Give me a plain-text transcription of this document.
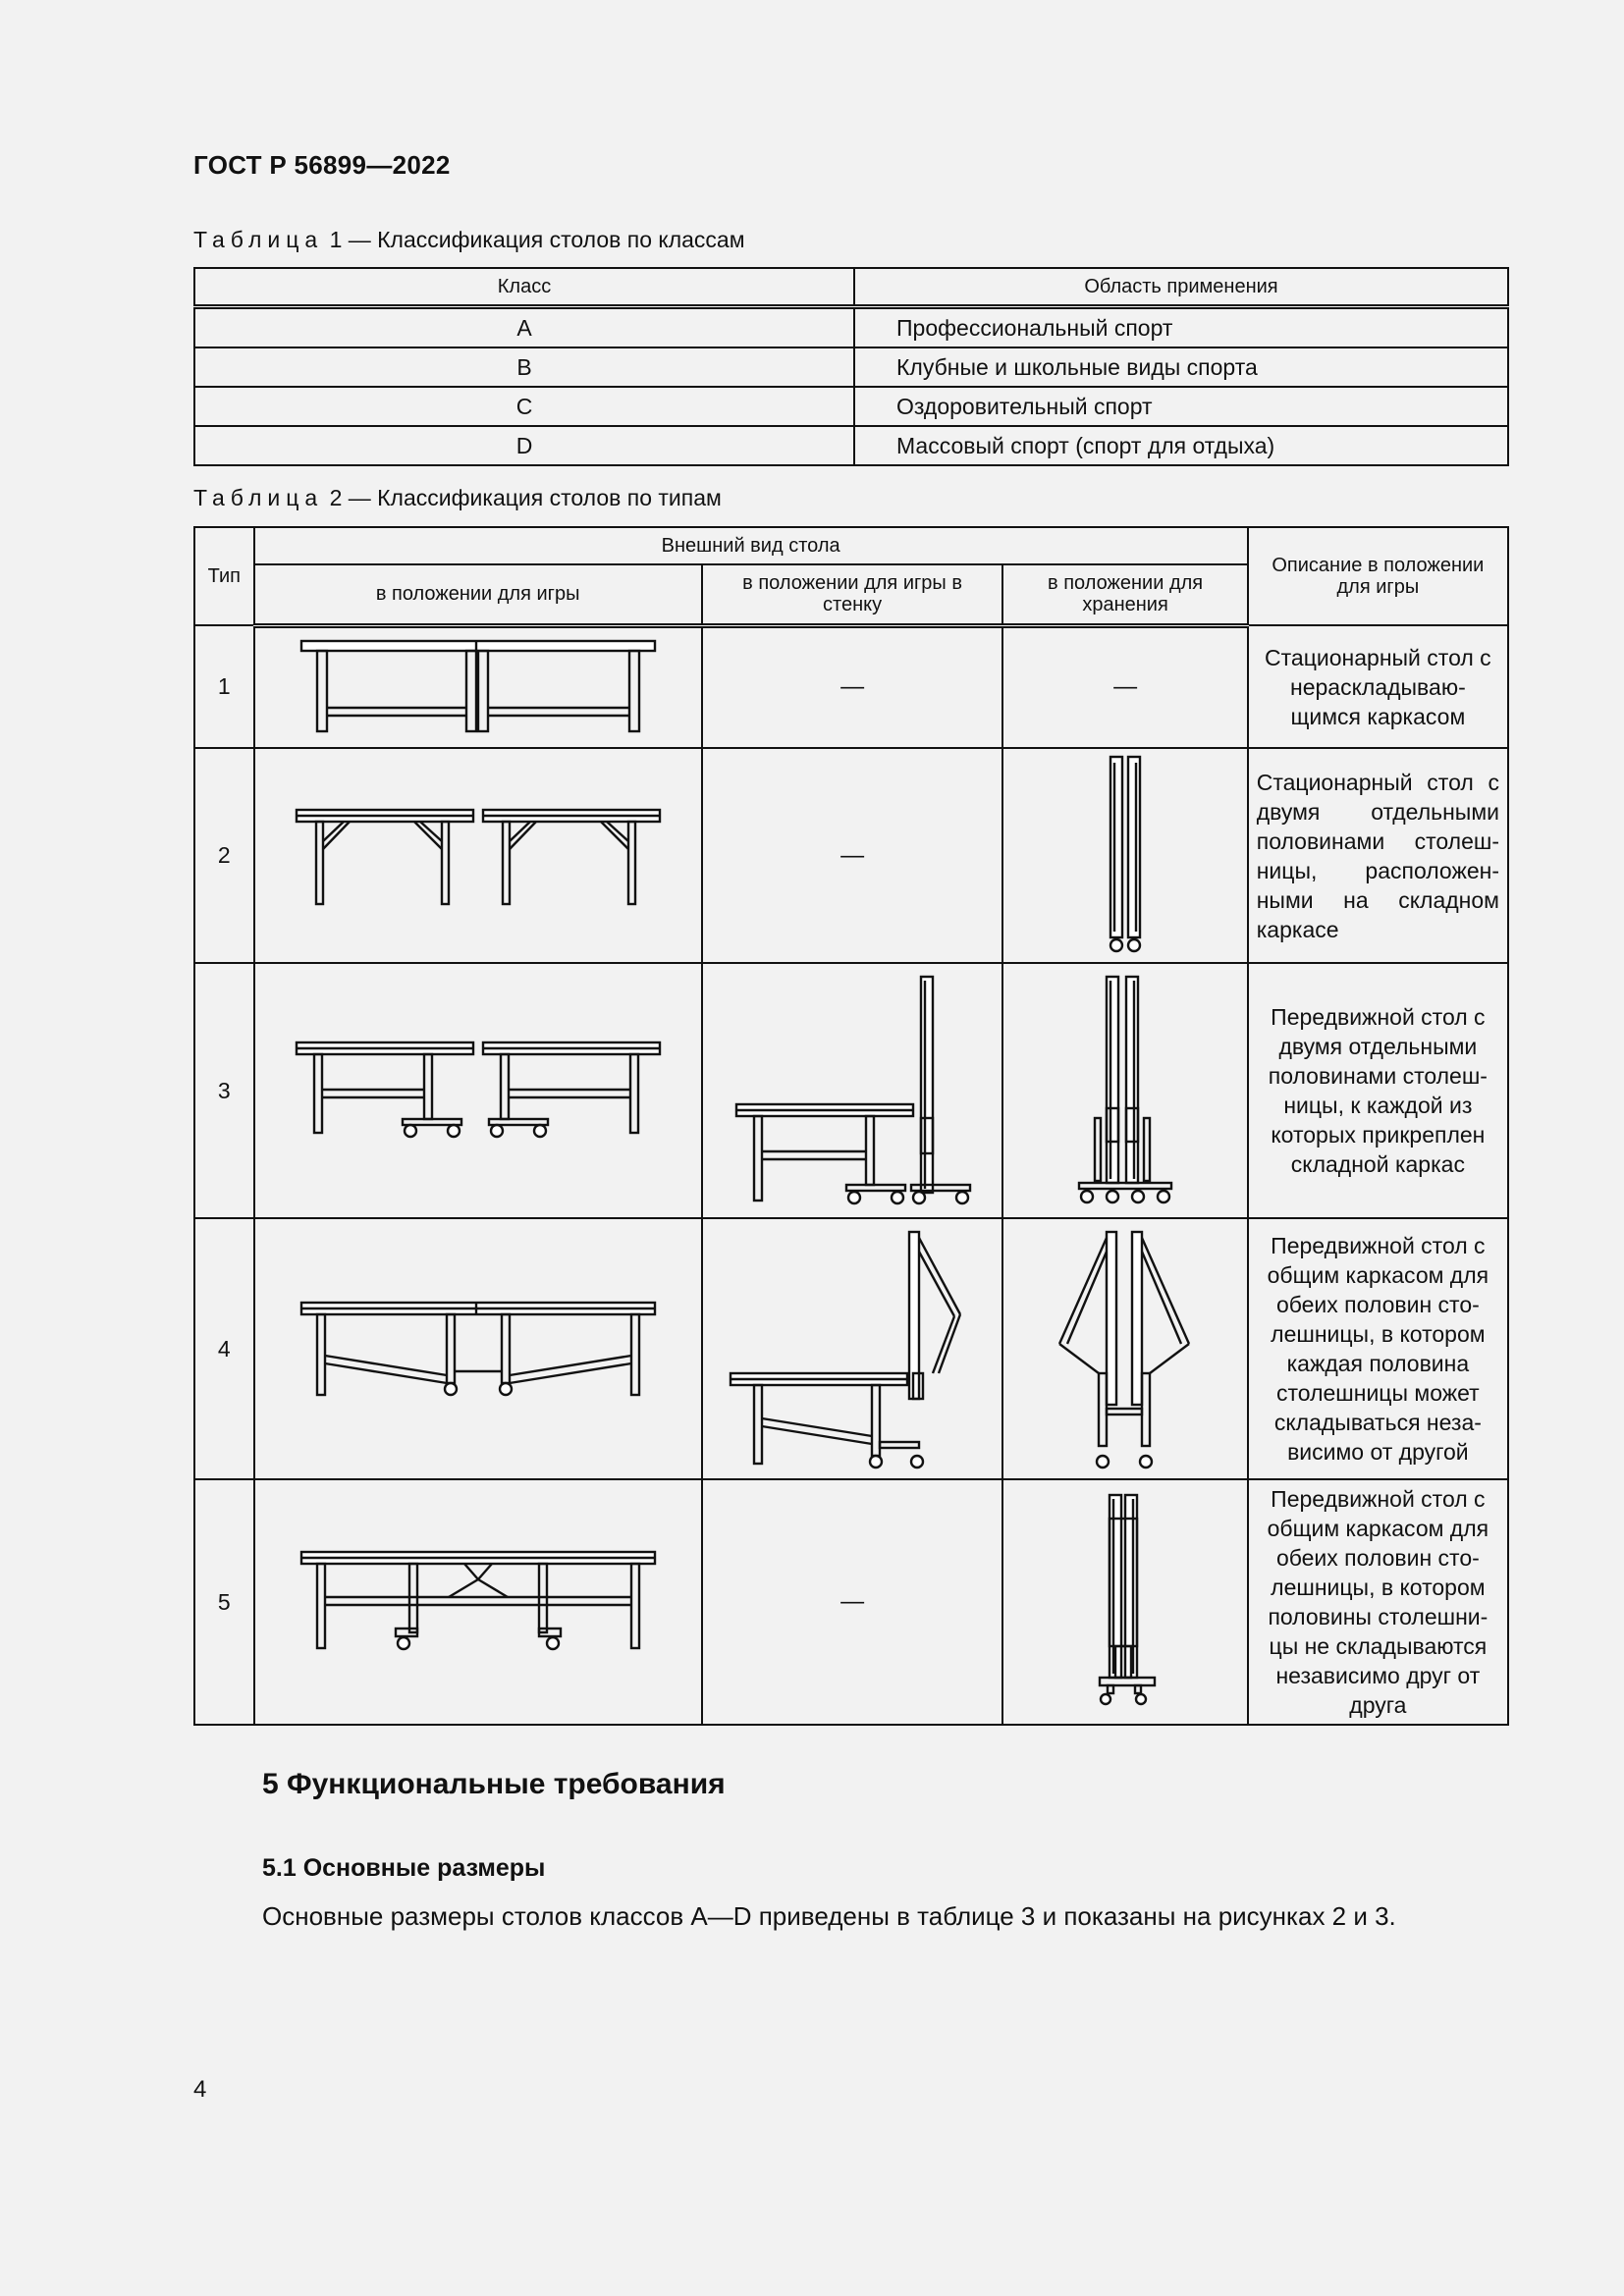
ГОСТ Р 56899—2022
Таблица 1 — Классификация столов по классам
Класс	Область применения
A	Профессиональный спорт
B	Клубные и школьные виды спорта
C	Оздоровительный спорт
D	Массовый спорт (спорт для отдыха)
Таблица 2 — Классификация столов по типам
Тип	Внешний вид стола			Описание в положении для игры
	в положении для игры	в положении для игры в стенку	в положении для хранения	
1		—	—	Стационарный стол с нераскладываю-щимся каркасом
2		—		Стационарный стол с двумя отдельными половинами столеш-ницы, расположен-ными на складном каркасе
3				Передвижной стол с двумя отдельными половинами столеш-ницы, к каждой из которых прикреплен складной каркас
4				Передвижной стол с общим каркасом для обеих половин сто-лешницы, в котором каждая половина столешницы может складываться неза-висимо от другой
5		—		Передвижной стол с общим каркасом для обеих половин сто-лешницы, в котором половины столешни-цы не складываются независимо друг от друга
5 Функциональные требования
5.1 Основные размеры
Основные размеры столов классов A—D приведены в таблице 3 и показаны на рисунках 2 и 3.
4
